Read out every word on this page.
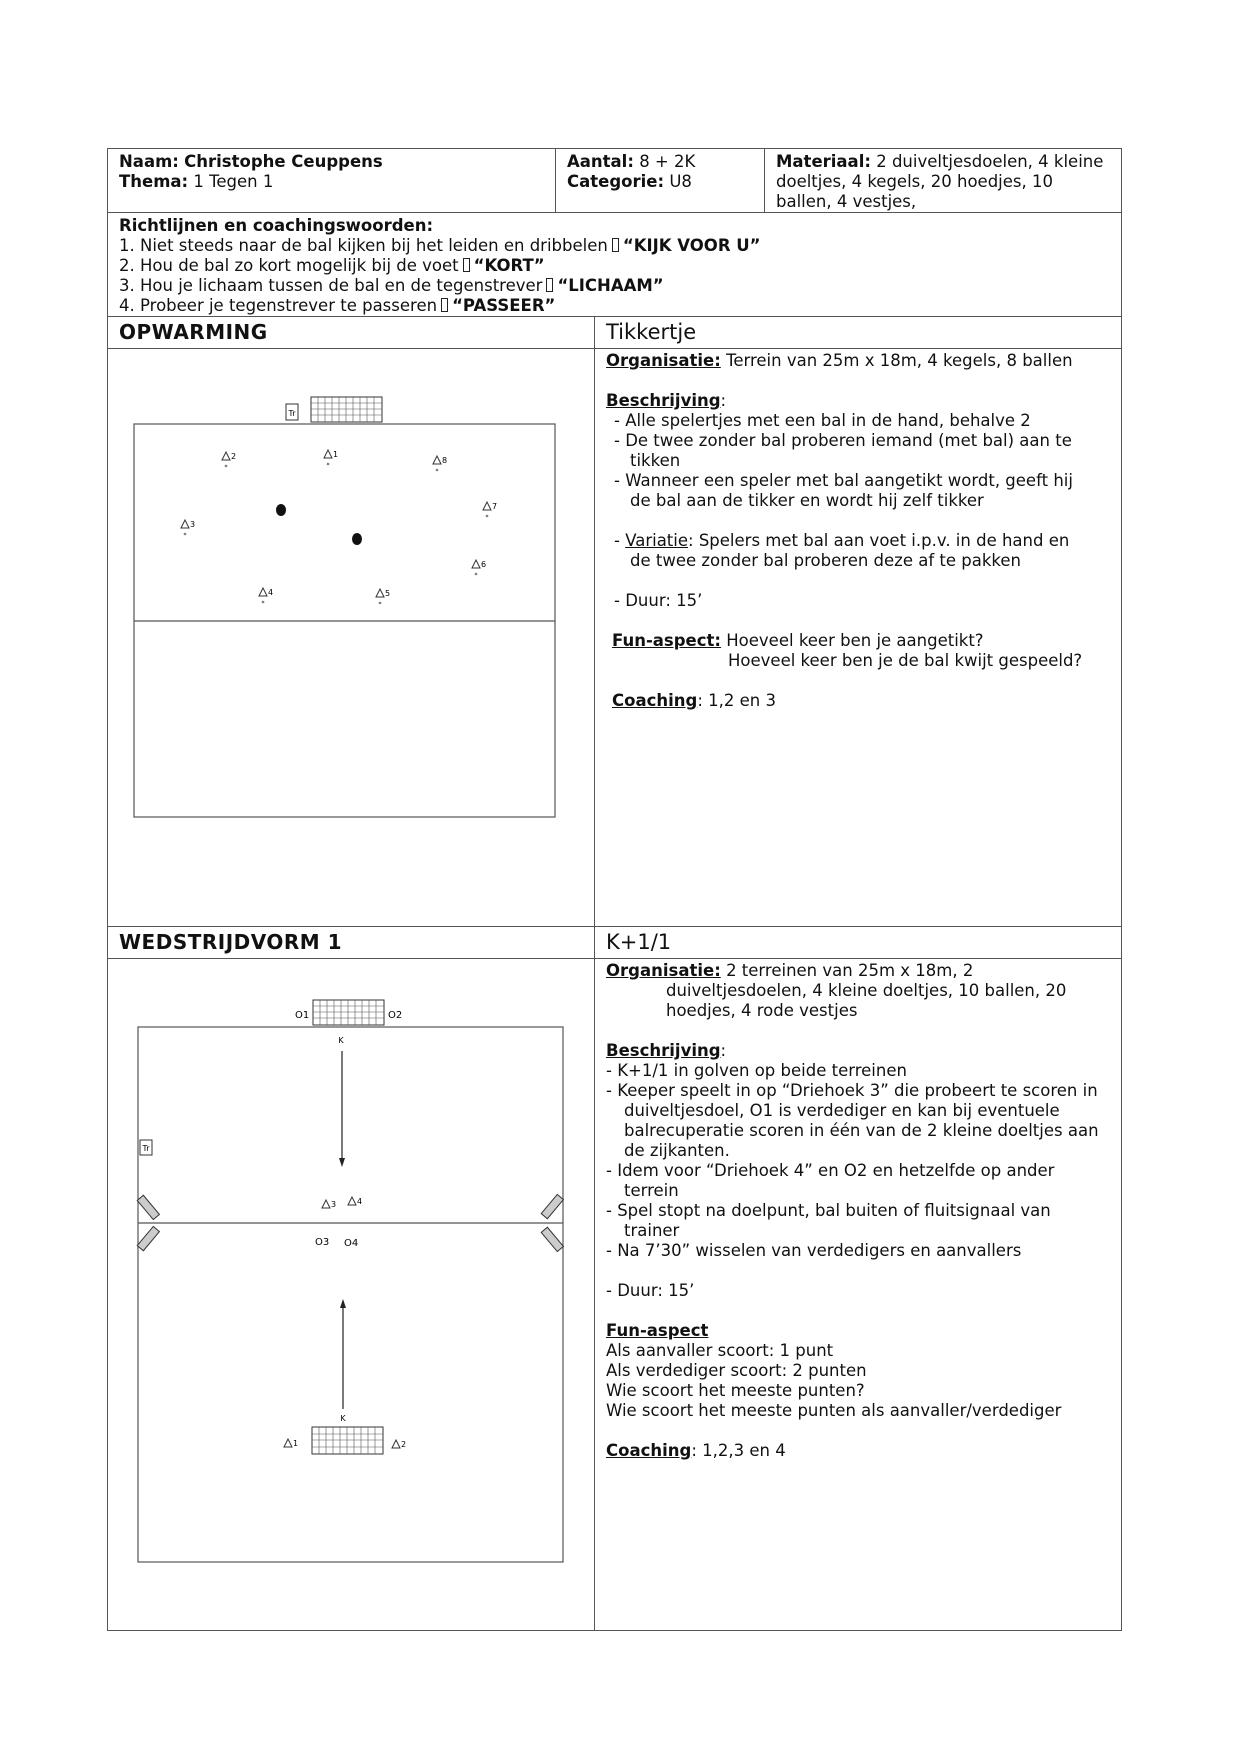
Naam: Christophe Ceuppens
Thema: 1 Tegen 1
Aantal: 8 + 2K
Categorie: U8
Materiaal: 2 duiveltjesdoelen, 4 kleine doeltjes, 4 kegels, 20 hoedjes, 10 ballen, 4 vestjes,
Richtlijnen en coachingswoorden:
1. Niet steeds naar de bal kijken bij het leiden en dribbelen “KIJK VOOR U”
2. Hou de bal zo kort mogelijk bij de voet “KORT”
3. Hou je lichaam tussen de bal en de tegenstrever “LICHAAM”
4. Probeer je tegenstrever te passeren “PASSEER”
OPWARMING	Tikkertje
Tr
2
*
1
*
8
*
7
*
3
*
6
*
4
*
5
*

Organisatie: Terrein van 25m x 18m, 4 kegels, 8 ballen

Beschrijving:

- Alle spelertjes met een bal in de hand, behalve 2

- De twee zonder bal proberen iemand (met bal) aan te

tikken

- Wanneer een speler met bal aangetikt wordt, geeft hij

de bal aan de tikker en wordt hij zelf tikker

- Variatie: Spelers met bal aan voet i.p.v. in de hand en

de twee zonder bal proberen deze af te pakken

- Duur: 15’

Fun-aspect: Hoeveel keer ben je aangetikt?

Hoeveel keer ben je de bal kwijt gespeeld?

Coaching: 1,2 en 3

WEDSTRIJDVORM 1	K+1/1
O1	O2
K
Tr
3	4
O3 O4
K
1	2

Organisatie: 2 terreinen van 25m x 18m, 2

duiveltjesdoelen, 4 kleine doeltjes, 10 ballen, 20

hoedjes, 4 rode vestjes

Beschrijving:

- K+1/1 in golven op beide terreinen

- Keeper speelt in op “Driehoek 3” die probeert te scoren in

duiveltjesdoel, O1 is verdediger en kan bij eventuele

balrecuperatie scoren in één van de 2 kleine doeltjes aan

de zijkanten.

- Idem voor “Driehoek 4” en O2 en hetzelfde op ander

terrein

- Spel stopt na doelpunt, bal buiten of fluitsignaal van

trainer

- Na 7’30” wisselen van verdedigers en aanvallers

- Duur: 15’

Fun-aspect

Als aanvaller scoort: 1 punt

Als verdediger scoort: 2 punten

Wie scoort het meeste punten?

Wie scoort het meeste punten als aanvaller/verdediger

Coaching: 1,2,3 en 4
